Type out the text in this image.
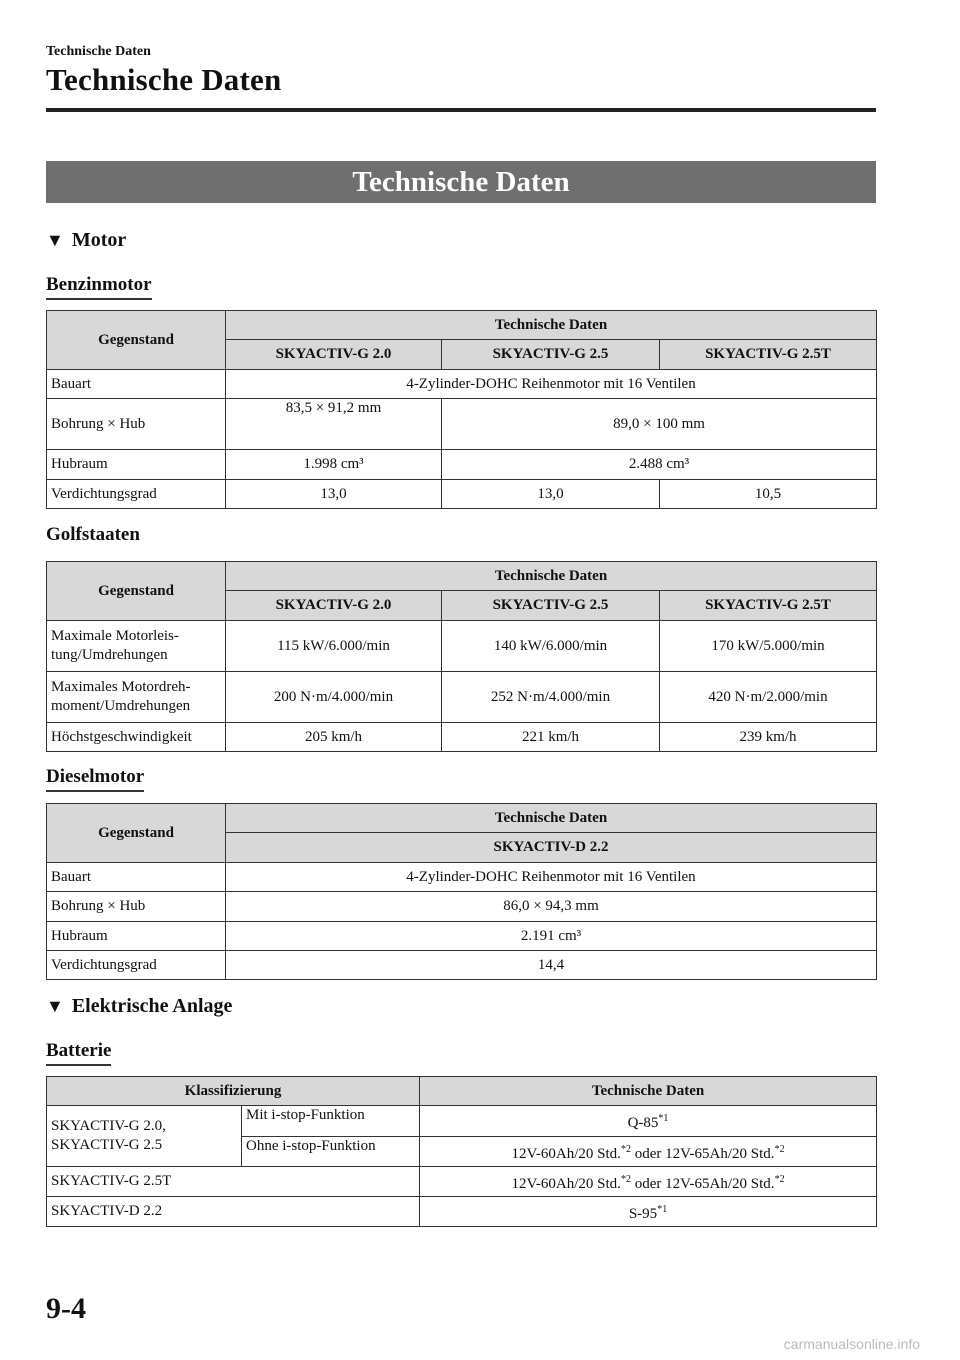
Technische Daten
Technische Daten
Technische Daten
▼ Motor
Benzinmotor
Gegenstand	Technische Daten		
	SKYACTIV-G 2.0	SKYACTIV-G 2.5	SKYACTIV-G 2.5T
Bauart	4-Zylinder-DOHC Reihenmotor mit 16 Ventilen		
Bohrung × Hub	83,5 × 91,2 mm	89,0 × 100 mm	
Hubraum	1.998 cm³	2.488 cm³	
Verdichtungsgrad	13,0	13,0	10,5
Golfstaaten
Gegenstand	Technische Daten		
	SKYACTIV-G 2.0	SKYACTIV-G 2.5	SKYACTIV-G 2.5T
Maximale Motorleis-
tung/Umdrehungen	115 kW/6.000/min	140 kW/6.000/min	170 kW/5.000/min
Maximales Motordreh-
moment/Umdrehungen	200 N·m/4.000/min	252 N·m/4.000/min	420 N·m/2.000/min
Höchstgeschwindigkeit	205 km/h	221 km/h	239 km/h
Dieselmotor
Gegenstand	Technische Daten
	SKYACTIV-D 2.2
Bauart	4-Zylinder-DOHC Reihenmotor mit 16 Ventilen
Bohrung × Hub	86,0 × 94,3 mm
Hubraum	2.191 cm³
Verdichtungsgrad	14,4
▼ Elektrische Anlage
Batterie
Klassifizierung		Technische Daten
SKYACTIV-G 2.0,
SKYACTIV-G 2.5	Mit i-stop-Funktion	Q-85$^{*1}$
	Ohne i-stop-Funktion	12V-60Ah/20 Std.$^{*2}$ oder 12V-65Ah/20 Std.$^{*2}$
SKYACTIV-G 2.5T		12V-60Ah/20 Std.$^{*2}$ oder 12V-65Ah/20 Std.$^{*2}$
SKYACTIV-D 2.2		S-95$^{*1}$
9-4
carmanualsonline.info
